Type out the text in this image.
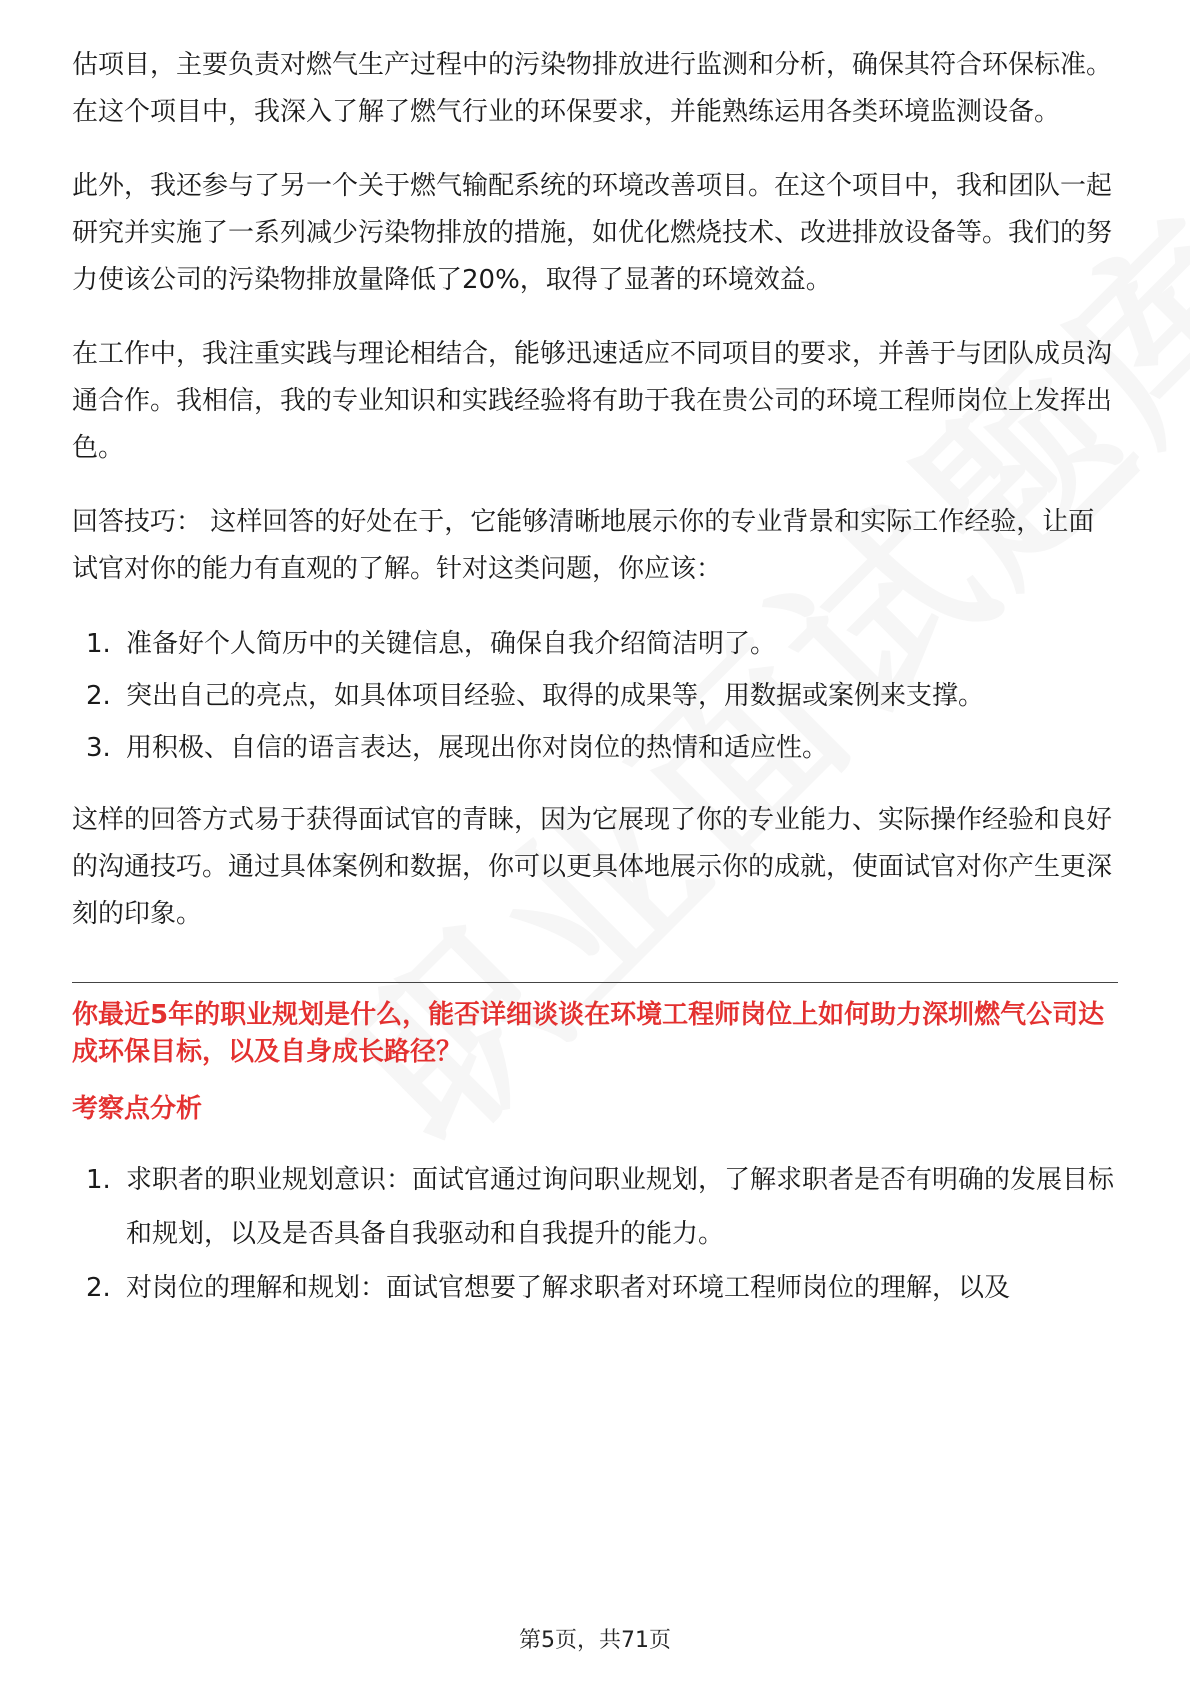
估项目，主要负责对燃气生产过程中的污染物排放进行监测和分析，确保其符合环保标准。在这个项目中，我深入了解了燃气行业的环保要求，并能熟练运用各类环境监测设备。

此外，我还参与了另一个关于燃气输配系统的环境改善项目。在这个项目中，我和团队一起研究并实施了一系列减少污染物排放的措施，如优化燃烧技术、改进排放设备等。我们的努力使该公司的污染物排放量降低了20%，取得了显著的环境效益。

在工作中，我注重实践与理论相结合，能够迅速适应不同项目的要求，并善于与团队成员沟通合作。我相信，我的专业知识和实践经验将有助于我在贵公司的环境工程师岗位上发挥出色。

回答技巧： 这样回答的好处在于，它能够清晰地展示你的专业背景和实际工作经验，让面试官对你的能力有直观的了解。针对这类问题，你应该：

1. 准备好个人简历中的关键信息，确保自我介绍简洁明了。
2. 突出自己的亮点，如具体项目经验、取得的成果等，用数据或案例来支撑。
3. 用积极、自信的语言表达，展现出你对岗位的热情和适应性。

这样的回答方式易于获得面试官的青睐，因为它展现了你的专业能力、实际操作经验和良好的沟通技巧。通过具体案例和数据，你可以更具体地展示你的成就，使面试官对你产生更深刻的印象。

你最近5年的职业规划是什么，能否详细谈谈在环境工程师岗位上如何助力深圳燃气公司达成环保目标，以及自身成长路径？
考察点分析
1. 求职者的职业规划意识：面试官通过询问职业规划，了解求职者是否有明确的发展目标和规划，以及是否具备自我驱动和自我提升的能力。
2. 对岗位的理解和规划：面试官想要了解求职者对环境工程师岗位的理解，以及
第5页，共71页
